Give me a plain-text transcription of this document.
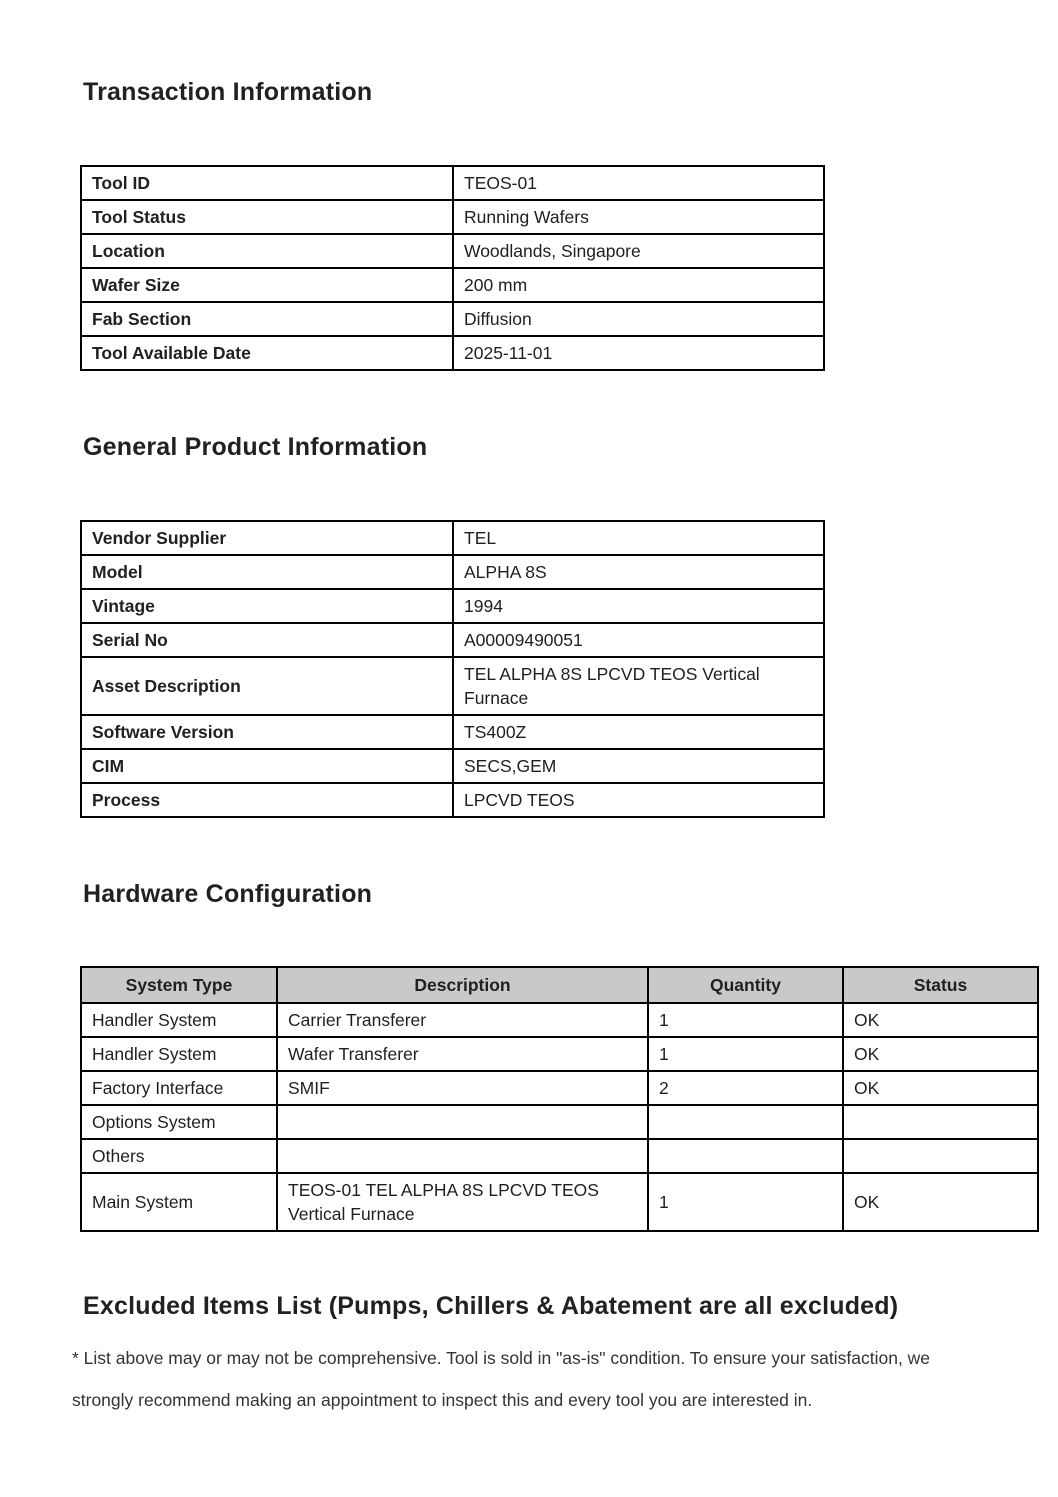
Transaction Information
Tool ID	TEOS-01
Tool Status	Running Wafers
Location	Woodlands, Singapore
Wafer Size	200 mm
Fab Section	Diffusion
Tool Available Date	2025-11-01
General Product Information
Vendor Supplier	TEL
Model	ALPHA 8S
Vintage	1994
Serial No	A00009490051
Asset Description	TEL ALPHA 8S LPCVD TEOS Vertical Furnace
Software Version	TS400Z
CIM	SECS,GEM
Process	LPCVD TEOS
Hardware Configuration
System Type	Description	Quantity	Status
Handler System	Carrier Transferer	1	OK
Handler System	Wafer Transferer	1	OK
Factory Interface	SMIF	2	OK
Options System			
Others			
Main System	TEOS-01 TEL ALPHA 8S LPCVD TEOS Vertical Furnace	1	OK
Excluded Items List (Pumps, Chillers & Abatement are all excluded)

* List above may or may not be comprehensive. Tool is sold in "as-is" condition. To ensure your satisfaction, we strongly recommend making an appointment to inspect this and every tool you are interested in.
